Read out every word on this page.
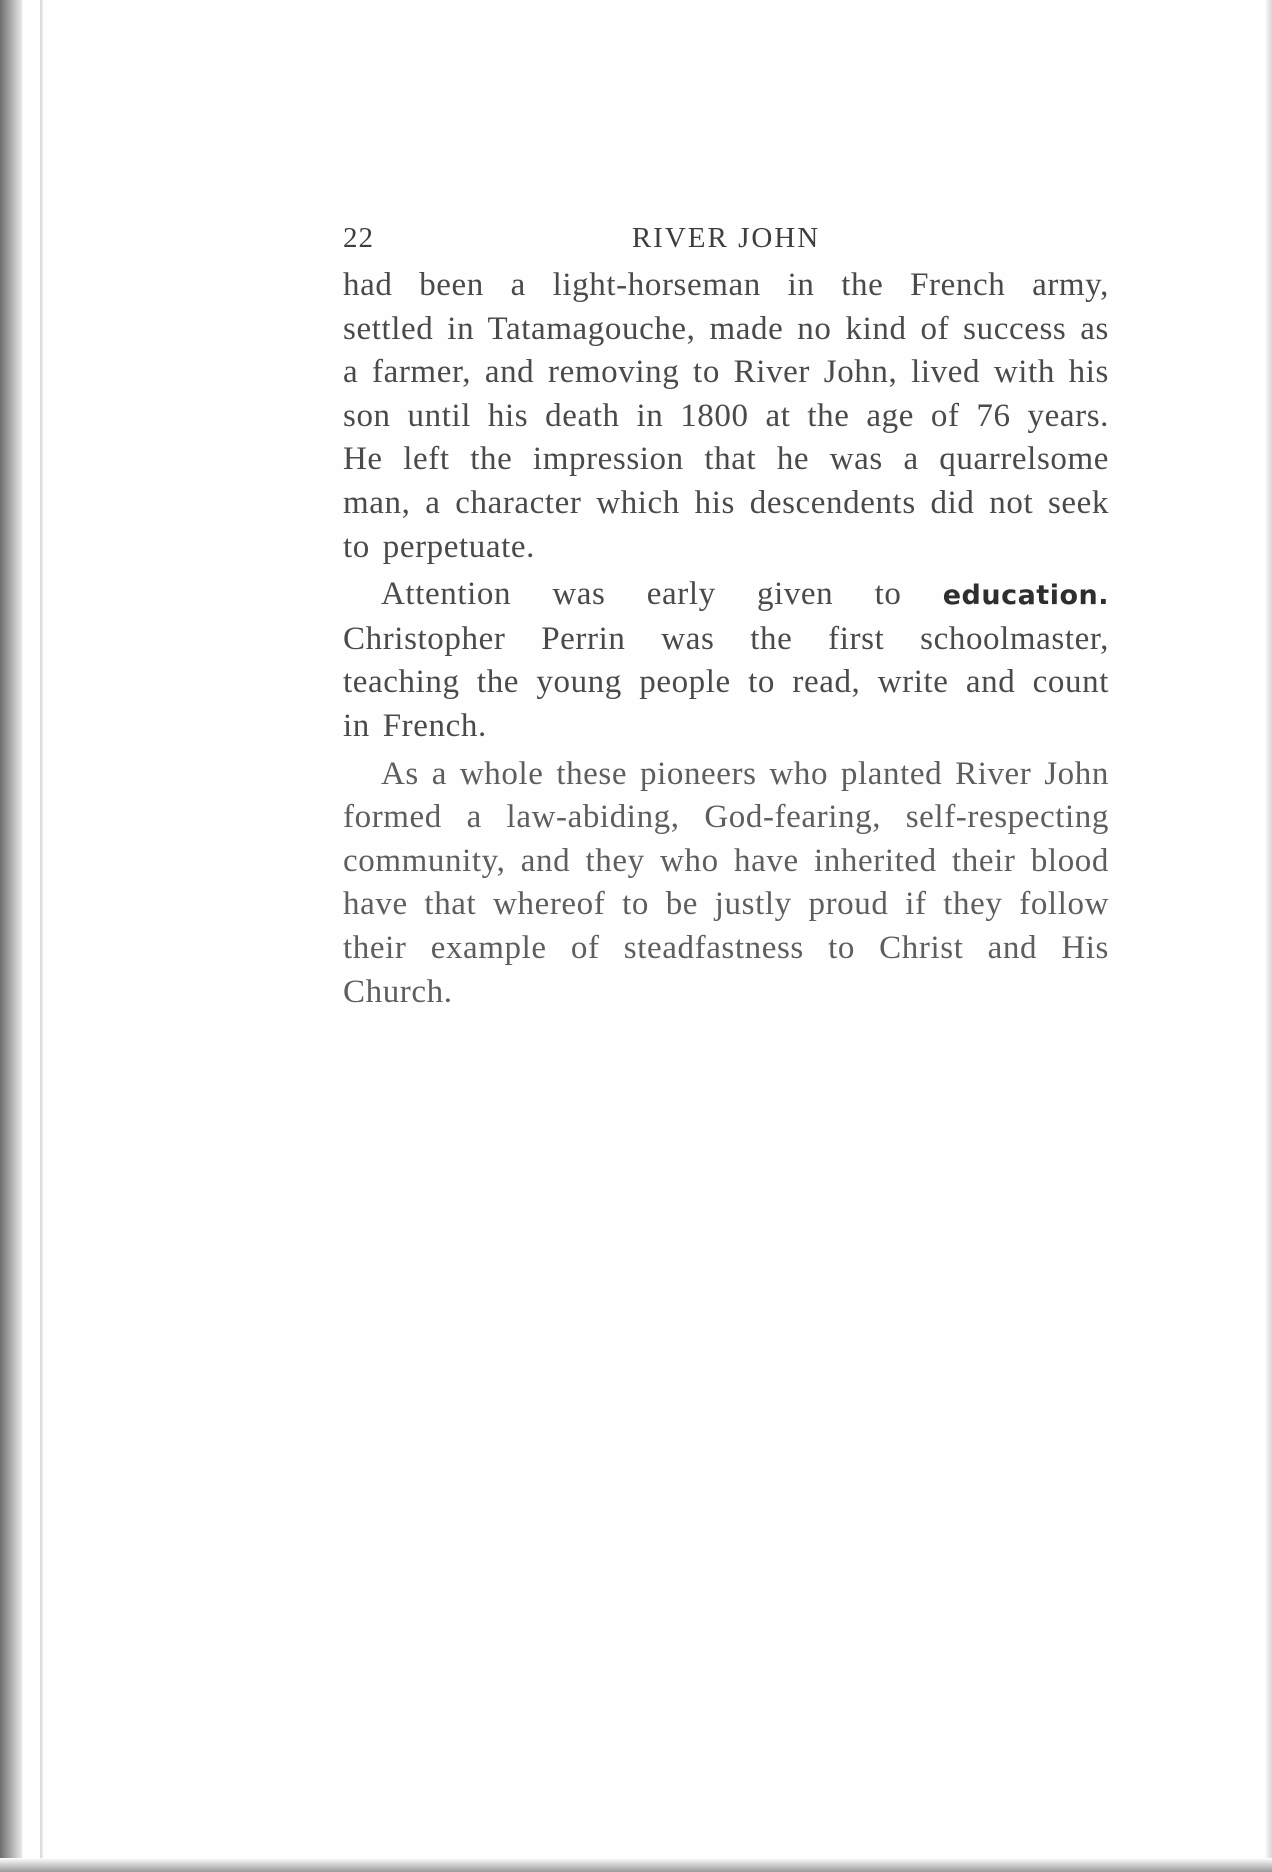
22	RIVER JOHN

had been a light-horseman in the French army, settled in Tatamagouche, made no kind of success as a farmer, and removing to River John, lived with his son until his death in 1800 at the age of 76 years. He left the impression that he was a quarrelsome man, a character which his descendents did not seek to perpetuate.

Attention was early given to education. Christopher Perrin was the first schoolmaster, teaching the young people to read, write and count in French.

As a whole these pioneers who planted River John formed a law-abiding, God-fearing, self-respecting community, and they who have inherited their blood have that whereof to be justly proud if they follow their example of steadfastness to Christ and His Church.
